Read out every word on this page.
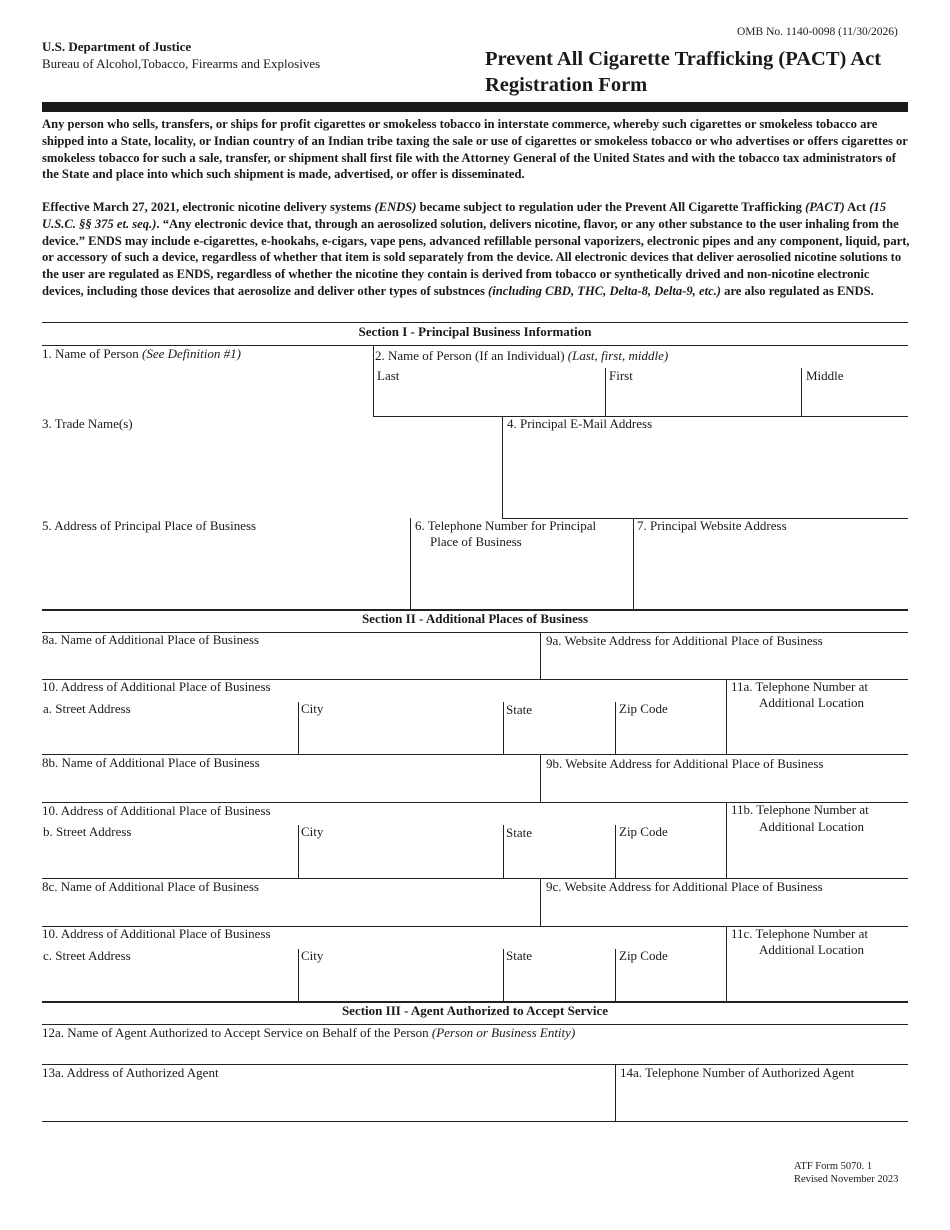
OMB No. 1140-0098 (11/30/2026)
U.S. Department of Justice
Bureau of Alcohol,Tobacco, Firearms and Explosives	Prevent All Cigarette Trafficking (PACT) Act
Registration Form
Any person who sells, transfers, or ships for profit cigarettes or smokeless tobacco in interstate commerce, whereby such cigarettes or smokeless tobacco are shipped into a State, locality, or Indian country of an Indian tribe taxing the sale or use of cigarettes or smokeless tobacco or who advertises or offers cigarettes or smokeless tobacco for such a sale, transfer, or shipment shall first file with the Attorney General of the United States and with the tobacco tax administrators of the State and place into which such shipment is made, advertised, or offer is disseminated.
Effective March 27, 2021, electronic nicotine delivery systems (ENDS) became subject to regulation uder the Prevent All Cigarette Trafficking (PACT) Act (15 U.S.C. §§ 375 et. seq.). “Any electronic device that, through an aerosolized solution, delivers nicotine, flavor, or any other substance to the user inhaling from the device.” ENDS may include e-cigarettes, e-hookahs, e-cigars, vape pens, advanced refillable personal vaporizers, electronic pipes and any component, liquid, part, or accessory of such a device, regardless of whether that item is sold separately from the device. All electronic devices that deliver aerosolied nicotine solutions to the user are regulated as ENDS, regardless of whether the nicotine they contain is derived from tobacco or synthetically drived and non-nicotine electronic devices, including those devices that aerosolize and deliver other types of substnces (including CBD, THC, Delta-8, Delta-9, etc.) are also regulated as ENDS.
Section I - Principal Business Information
1. Name of Person (See Definition #1)	2. Name of Person (If an Individual) (Last, first, middle)
Last	First	Middle
3. Trade Name(s)	4. Principal E-Mail Address
5. Address of Principal Place of Business	6. Telephone Number for Principal
Place of Business
7. Principal Website Address
Section II - Additional Places of Business
8a. Name of Additional Place of Business	9a. Website Address for Additional Place of Business
10. Address of Additional Place of Business
a. Street Address	City	State	Zip Code
11a. Telephone Number at
Additional Location
8b. Name of Additional Place of Business	9b. Website Address for Additional Place of Business
10. Address of Additional Place of Business
b. Street Address	City	State	Zip Code
11b. Telephone Number at
Additional Location
8c. Name of Additional Place of Business	9c. Website Address for Additional Place of Business
10. Address of Additional Place of Business
c. Street Address	City	State	Zip Code
11c. Telephone Number at
Additional Location
Section III - Agent Authorized to Accept Service
12a. Name of Agent Authorized to Accept Service on Behalf of the Person (Person or Business Entity)
13a. Address of Authorized Agent	14a. Telephone Number of Authorized Agent
ATF Form 5070. 1
Revised November 2023
